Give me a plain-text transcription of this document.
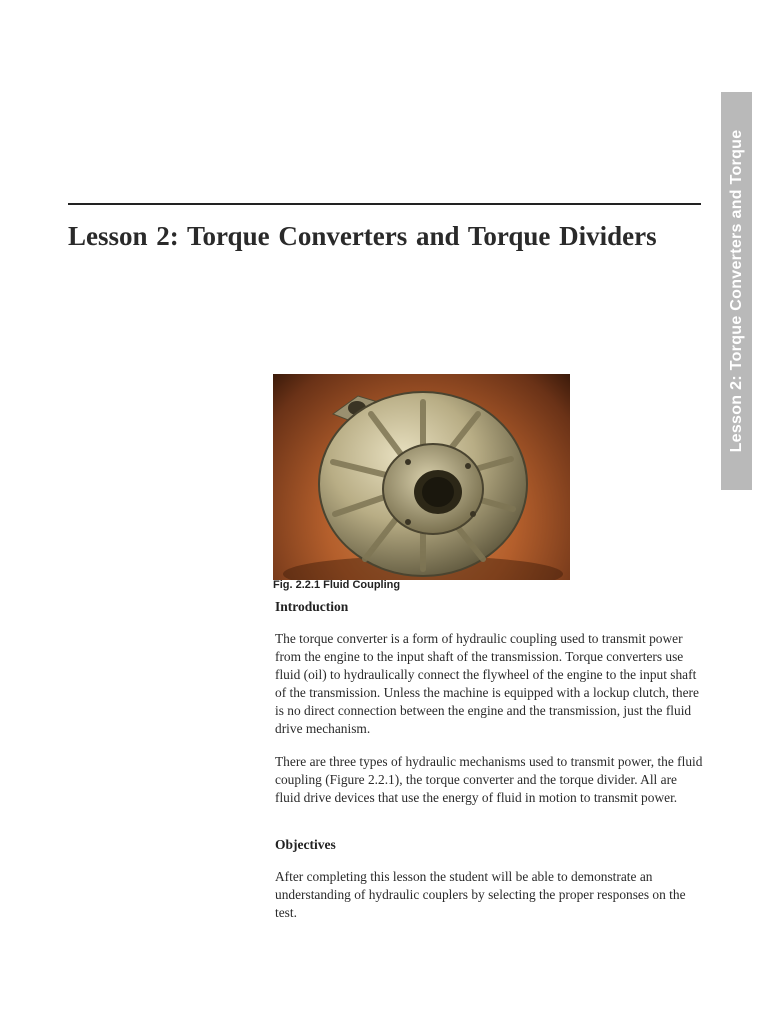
Lesson 2: Torque Converters and Torque
Lesson 2: Torque Converters and Torque Dividers

Fig. 2.2.1 Fluid Coupling

Introduction

The torque converter is a form of hydraulic coupling used to transmit power from the engine to the input shaft of the transmission. Torque converters use fluid (oil) to hydraulically connect the flywheel of the engine to the input shaft of the transmission. Unless the machine is equipped with a lockup clutch, there is no direct connection between the engine and the transmission, just the fluid drive mechanism.

There are three types of hydraulic mechanisms used to transmit power, the fluid coupling (Figure 2.2.1), the torque converter and the torque divider. All are fluid drive devices that use the energy of fluid in motion to transmit power.

Objectives

After completing this lesson the student will be able to demonstrate an understanding of hydraulic couplers by selecting the proper responses on the test.
